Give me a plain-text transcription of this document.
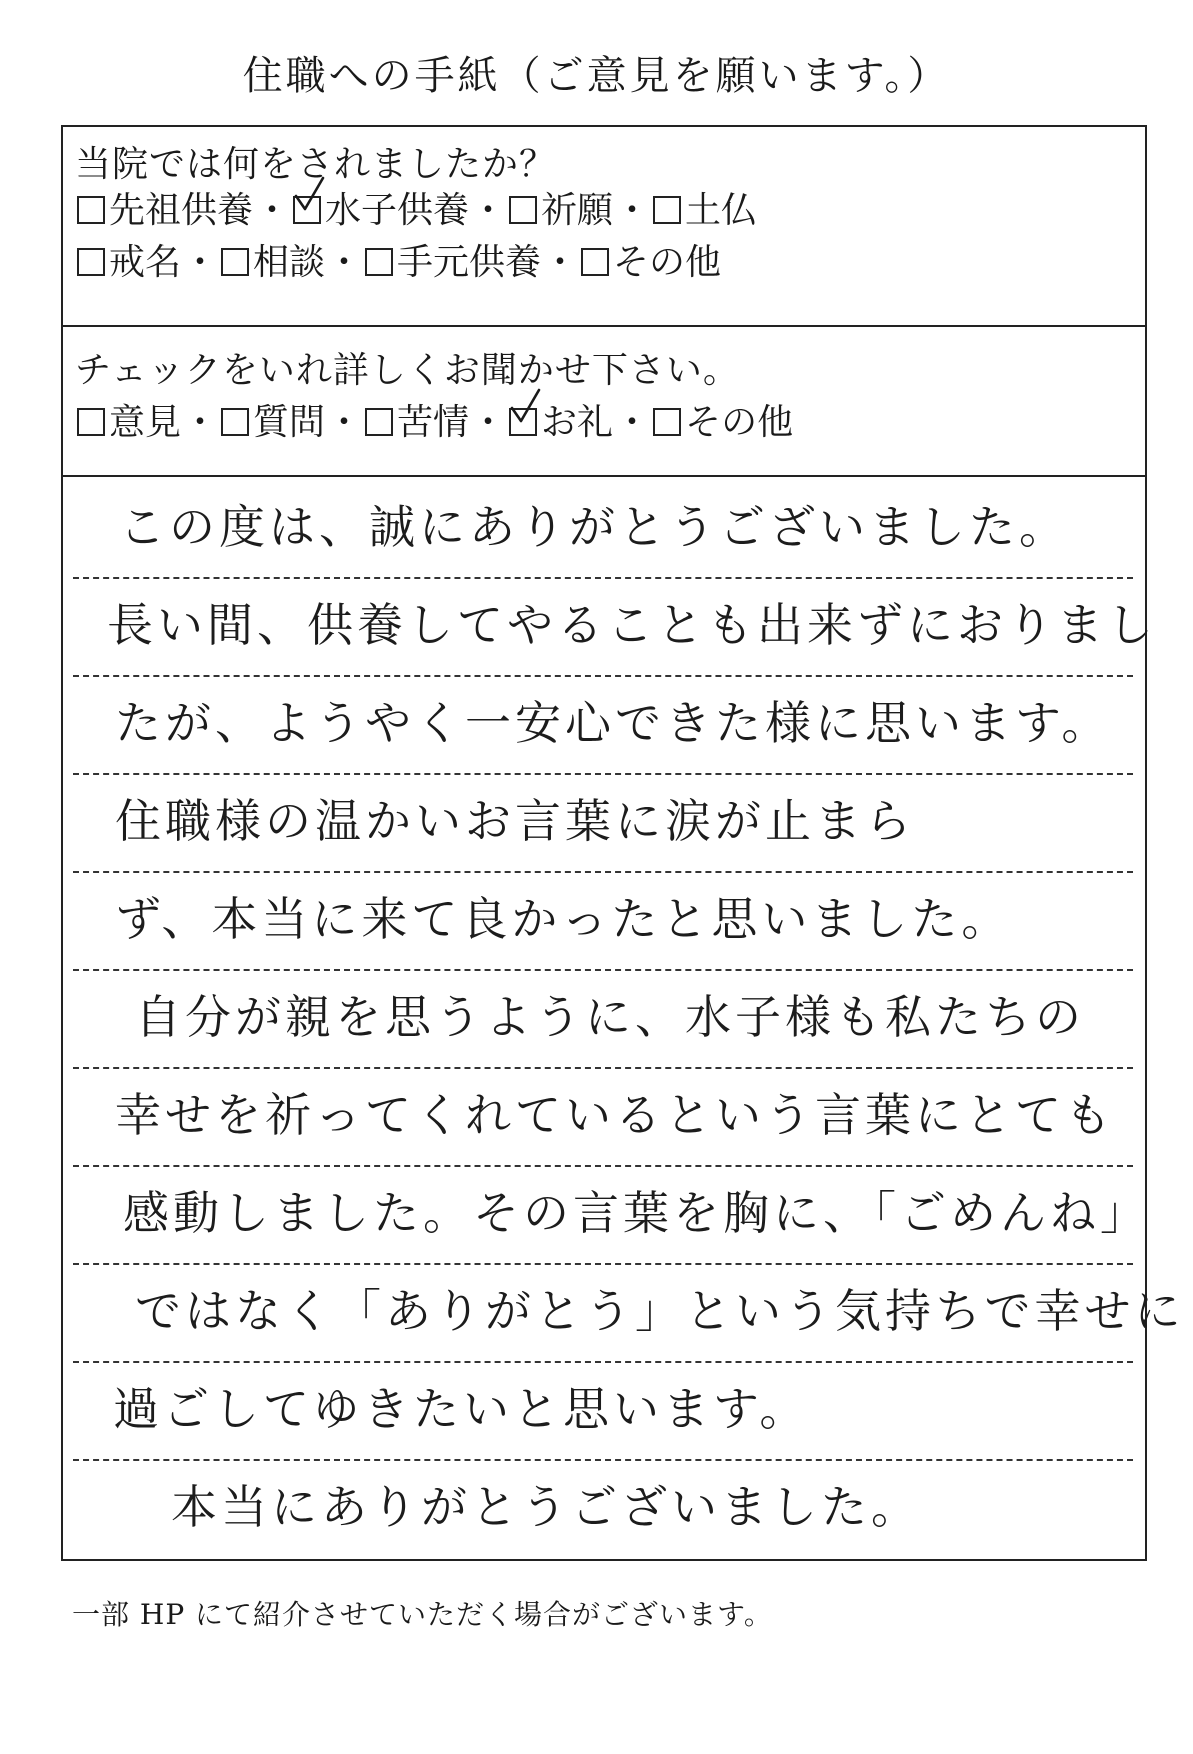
住職への手紙（ご意見を願います。）
当院では何をされましたか？
先祖供養・ 水子供養・ 祈願・ 土仏
戒名・ 相談・ 手元供養・ その他
チェックをいれ詳しくお聞かせ下さい。
意見・ 質問・ 苦情・ お礼・ その他
この度は、誠にありがとうございました。
長い間、供養してやることも出来ずにおりまし
たが、ようやく一安心できた様に思います。
住職様の温かいお言葉に涙が止まら
ず、本当に来て良かったと思いました。
自分が親を思うように、水子様も私たちの
幸せを祈ってくれているという言葉にとても
感動しました。その言葉を胸に、「ごめんね」
ではなく「ありがとう」という気持ちで幸せに
過ごしてゆきたいと思います。
本当にありがとうございました。
一部 HP にて紹介させていただく場合がございます。
